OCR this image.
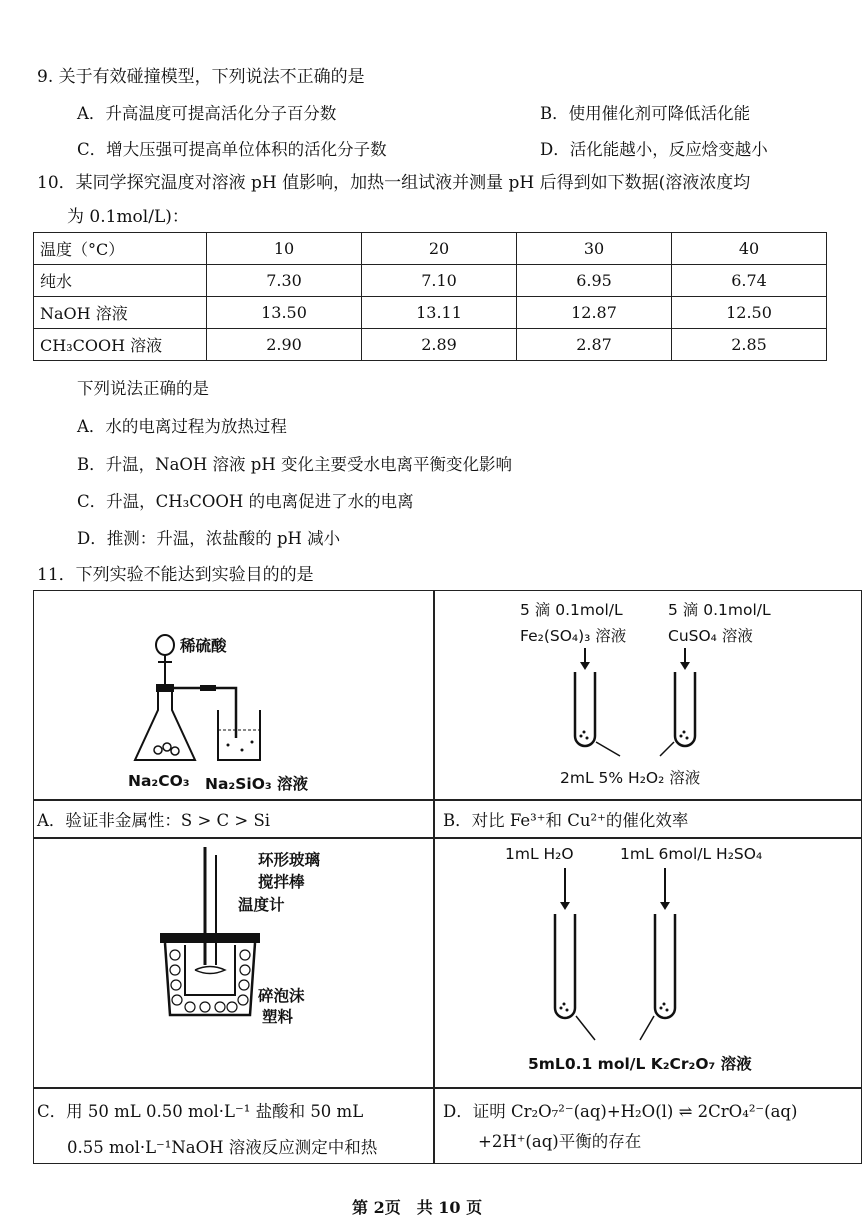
9. 关于有效碰撞模型，下列说法不正确的是
A．升高温度可提高活化分子百分数	B．使用催化剂可降低活化能
C．增大压强可提高单位体积的活化分子数	D．活化能越小，反应焓变越小
10．某同学探究温度对溶液 pH 值影响，加热一组试液并测量 pH 后得到如下数据(溶液浓度均
为 0.1mol/L)：
温度（°C）	10	20	30	40
纯水	7.30	7.10	6.95	6.74
NaOH 溶液	13.50	13.11	12.87	12.50
CH₃COOH 溶液	2.90	2.89	2.87	2.85
下列说法正确的是
A．水的电离过程为放热过程
B．升温，NaOH 溶液 pH 变化主要受水电离平衡变化影响
C．升温，CH₃COOH 的电离促进了水的电离
D．推测：升温，浓盐酸的 pH 减小
11．下列实验不能达到实验目的的是
稀硫酸
Na₂CO₃ Na₂SiO₃ 溶液
A．验证非金属性：S > C > Si
5 滴 0.1mol/L
Fe₂(SO₄)₃ 溶液
5 滴 0.1mol/L
CuSO₄ 溶液
2mL 5% H₂O₂ 溶液
B．对比 Fe³⁺和 Cu²⁺的催化效率
环形玻璃
搅拌棒
温度计
碎泡沫
塑料
C．用 50 mL 0.50 mol·L⁻¹ 盐酸和 50 mL
0.55 mol·L⁻¹NaOH 溶液反应测定中和热
1mL H₂O	1mL 6mol/L H₂SO₄
5mL0.1 mol/L K₂Cr₂O₇ 溶液
D．证明 Cr₂O₇²⁻(aq)+H₂O(l) ⇌ 2CrO₄²⁻(aq)
+2H⁺(aq)平衡的存在
第 2页　共 10 页
